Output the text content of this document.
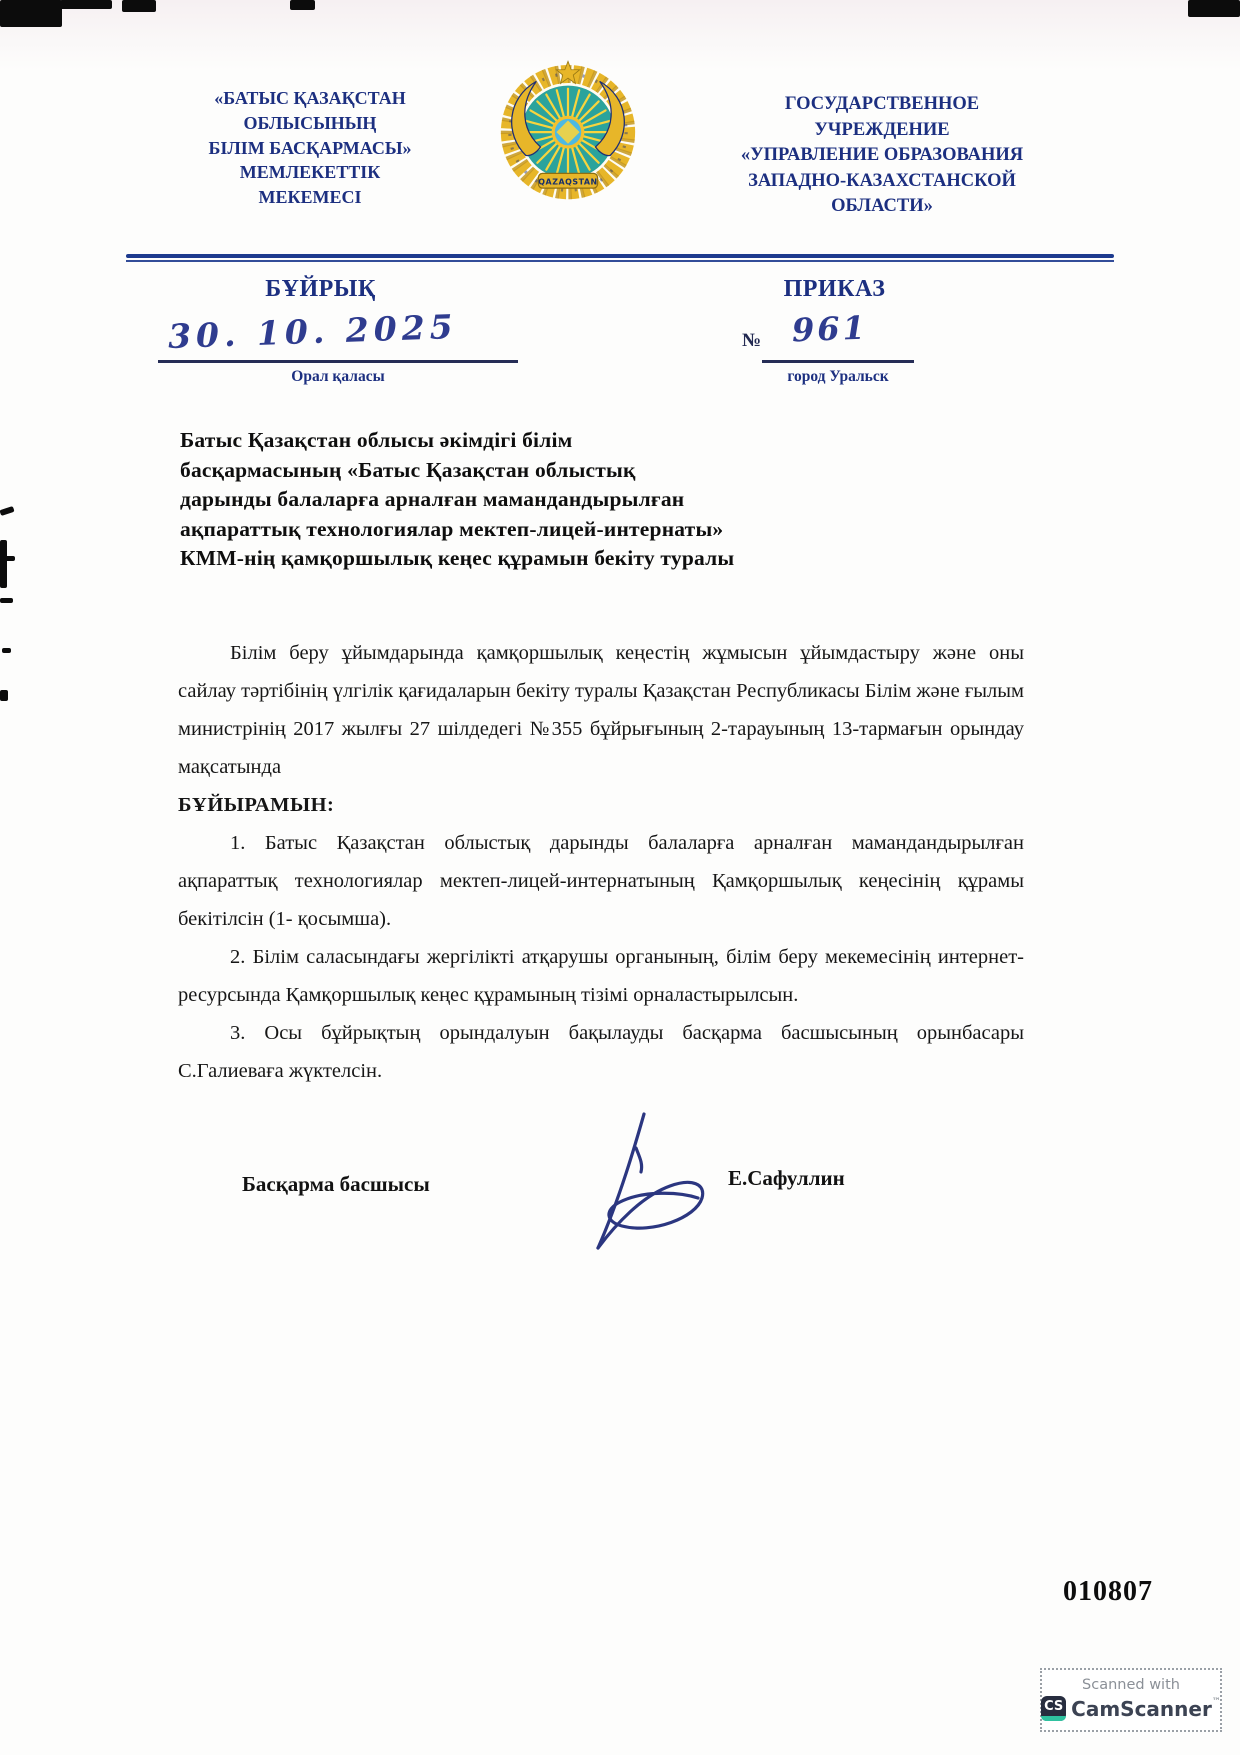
«БАТЫС ҚАЗАҚСТАН
ОБЛЫСЫНЫҢ
БІЛІМ БАСҚАРМАСЫ»
МЕМЛЕКЕТТІК
МЕКЕМЕСІ
QAZAQSTAN
ГОСУДАРСТВЕННОЕ
УЧРЕЖДЕНИЕ
«УПРАВЛЕНИЕ ОБРАЗОВАНИЯ
ЗАПАДНО-КАЗАХСТАНСКОЙ
ОБЛАСТИ»
БҰЙРЫҚ	ПРИКАЗ
30. 10. 2025
Орал қаласы
№ 961
город Уральск
Батыс Қазақстан облысы әкімдігі білім
басқармасының «Батыс Қазақстан облыстық
дарынды балаларға арналған мамандандырылған
ақпараттық технологиялар мектеп-лицей-интернаты»
КММ-нің қамқоршылық кеңес құрамын бекіту туралы

Білім беру ұйымдарында қамқоршылық кеңестің жұмысын ұйымдастыру және оны сайлау тәртібінің үлгілік қағидаларын бекіту туралы Қазақстан Республикасы Білім және ғылым министрінің 2017 жылғы 27 шілдедегі №355 бұйрығының 2-тарауының 13-тармағын орындау мақсатында

БҰЙЫРАМЫН:

1. Батыс Қазақстан облыстық дарынды балаларға арналған мамандандырылған ақпараттық технологиялар мектеп-лицей-интернатының Қамқоршылық кеңесінің құрамы бекітілсін (1- қосымша).

2. Білім саласындағы жергілікті атқарушы органының, білім беру мекемесінің интернет-ресурсында Қамқоршылық кеңес құрамының тізімі орналастырылсын.

3. Осы бұйрықтың орындалуын бақылауды басқарма басшысының орынбасары С.Галиеваға жүктелсін.

Басқарма басшысы	Е.Сафуллин
010807
Scanned with
CS CamScanner™
